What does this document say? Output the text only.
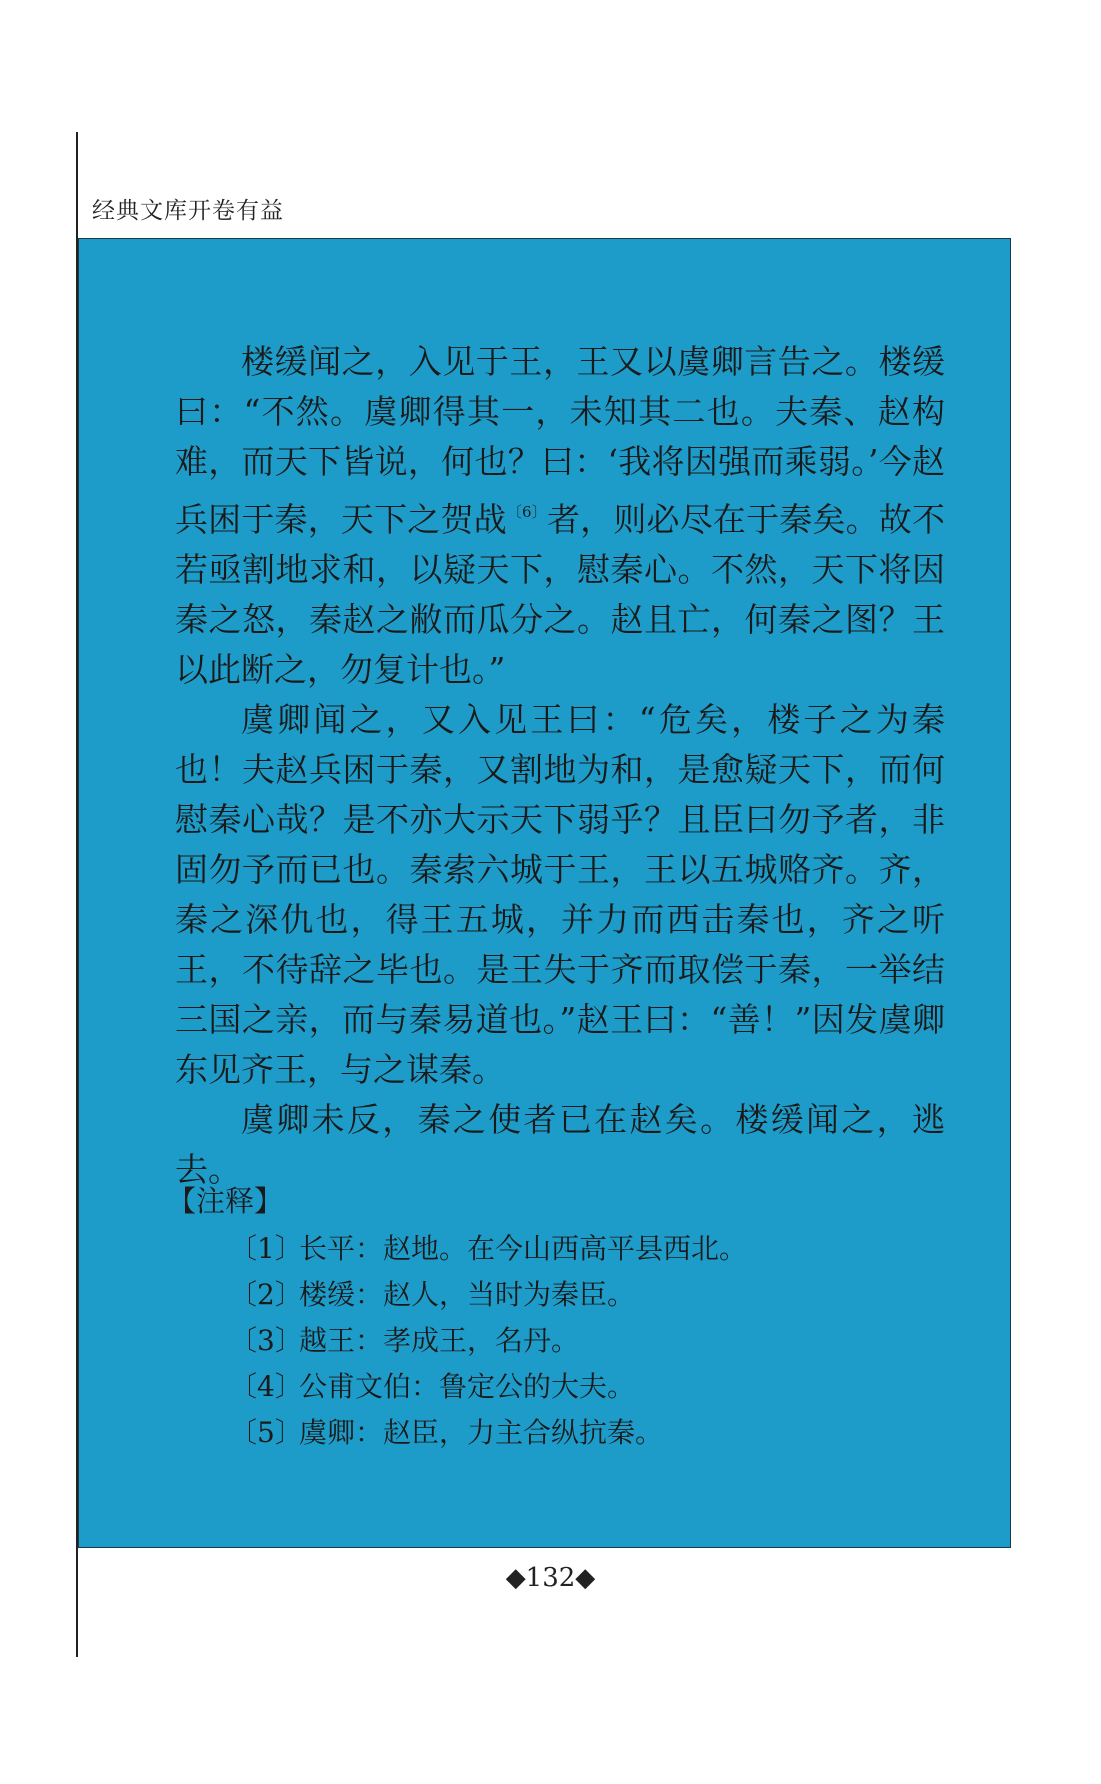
经典文库开卷有益

楼缓闻之，入见于王，王又以虞卿言告之。楼缓曰：“不然。虞卿得其一，未知其二也。夫秦、赵构难，而天下皆说，何也？曰：‘我将因强而乘弱。’今赵兵困于秦，天下之贺战$^{〔6〕}$者，则必尽在于秦矣。故不若亟割地求和，以疑天下，慰秦心。不然，天下将因秦之怒，秦赵之敝而瓜分之。赵且亡，何秦之图？王以此断之，勿复计也。”

虞卿闻之，又入见王曰：“危矣，楼子之为秦也！夫赵兵困于秦，又割地为和，是愈疑天下，而何慰秦心哉？是不亦大示天下弱乎？且臣曰勿予者，非固勿予而已也。秦索六城于王，王以五城赂齐。齐，秦之深仇也，得王五城，并力而西击秦也，齐之听王，不待辞之毕也。是王失于齐而取偿于秦，一举结三国之亲，而与秦易道也。”赵王曰：“善！”因发虞卿东见齐王，与之谋秦。

虞卿未反，秦之使者已在赵矣。楼缓闻之，逃去。

【注释】
〔1〕长平：赵地。在今山西高平县西北。
〔2〕楼缓：赵人，当时为秦臣。
〔3〕越王：孝成王，名丹。
〔4〕公甫文伯：鲁定公的大夫。
〔5〕虞卿：赵臣，力主合纵抗秦。
◆132◆
